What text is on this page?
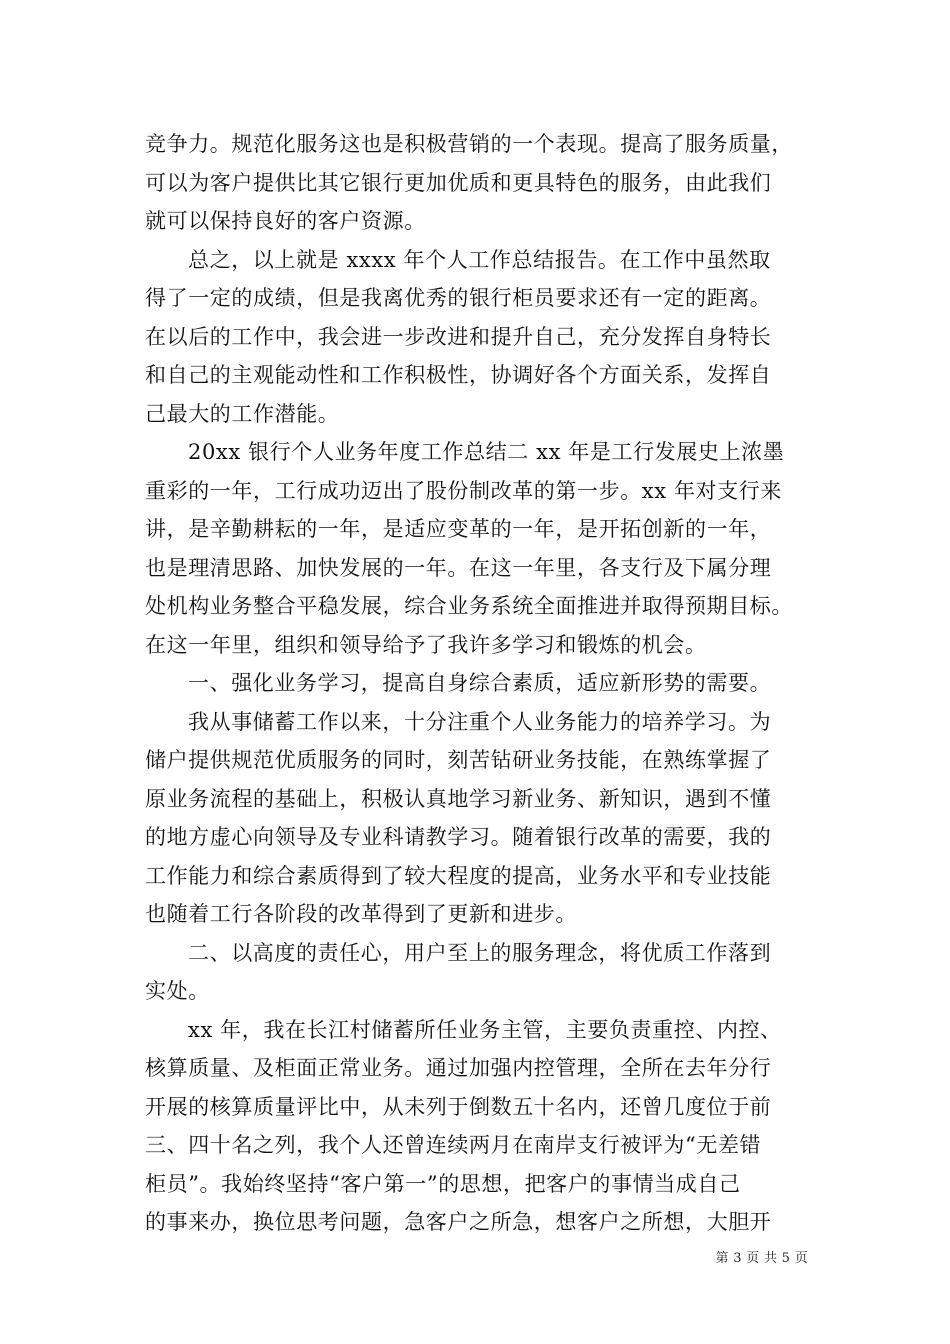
竞争力。规范化服务这也是积极营销的一个表现。提高了服务质量，
可以为客户提供比其它银行更加优质和更具特色的服务，由此我们
就可以保持良好的客户资源。
总之，以上就是 xxxx 年个人工作总结报告。在工作中虽然取
得了一定的成绩，但是我离优秀的银行柜员要求还有一定的距离。
在以后的工作中，我会进一步改进和提升自己，充分发挥自身特长
和自己的主观能动性和工作积极性，协调好各个方面关系，发挥自
己最大的工作潜能。
20xx 银行个人业务年度工作总结二 xx 年是工行发展史上浓墨
重彩的一年，工行成功迈出了股份制改革的第一步。xx 年对支行来
讲，是辛勤耕耘的一年，是适应变革的一年，是开拓创新的一年，
也是理清思路、加快发展的一年。在这一年里，各支行及下属分理
处机构业务整合平稳发展，综合业务系统全面推进并取得预期目标。
在这一年里，组织和领导给予了我许多学习和锻炼的机会。
一、强化业务学习，提高自身综合素质，适应新形势的需要。
我从事储蓄工作以来，十分注重个人业务能力的培养学习。为
储户提供规范优质服务的同时，刻苦钻研业务技能，在熟练掌握了
原业务流程的基础上，积极认真地学习新业务、新知识，遇到不懂
的地方虚心向领导及专业科请教学习。随着银行改革的需要，我的
工作能力和综合素质得到了较大程度的提高，业务水平和专业技能
也随着工行各阶段的改革得到了更新和进步。
二、以高度的责任心，用户至上的服务理念，将优质工作落到
实处。
xx 年，我在长江村储蓄所任业务主管，主要负责重控、内控、
核算质量、及柜面正常业务。通过加强内控管理，全所在去年分行
开展的核算质量评比中，从未列于倒数五十名内，还曾几度位于前
三、四十名之列，我个人还曾连续两月在南岸支行被评为“无差错
柜员”。我始终坚持“客户第一”的思想，把客户的事情当成自己
的事来办，换位思考问题，急客户之所急，想客户之所想，大胆开
第 3 页 共 5 页
